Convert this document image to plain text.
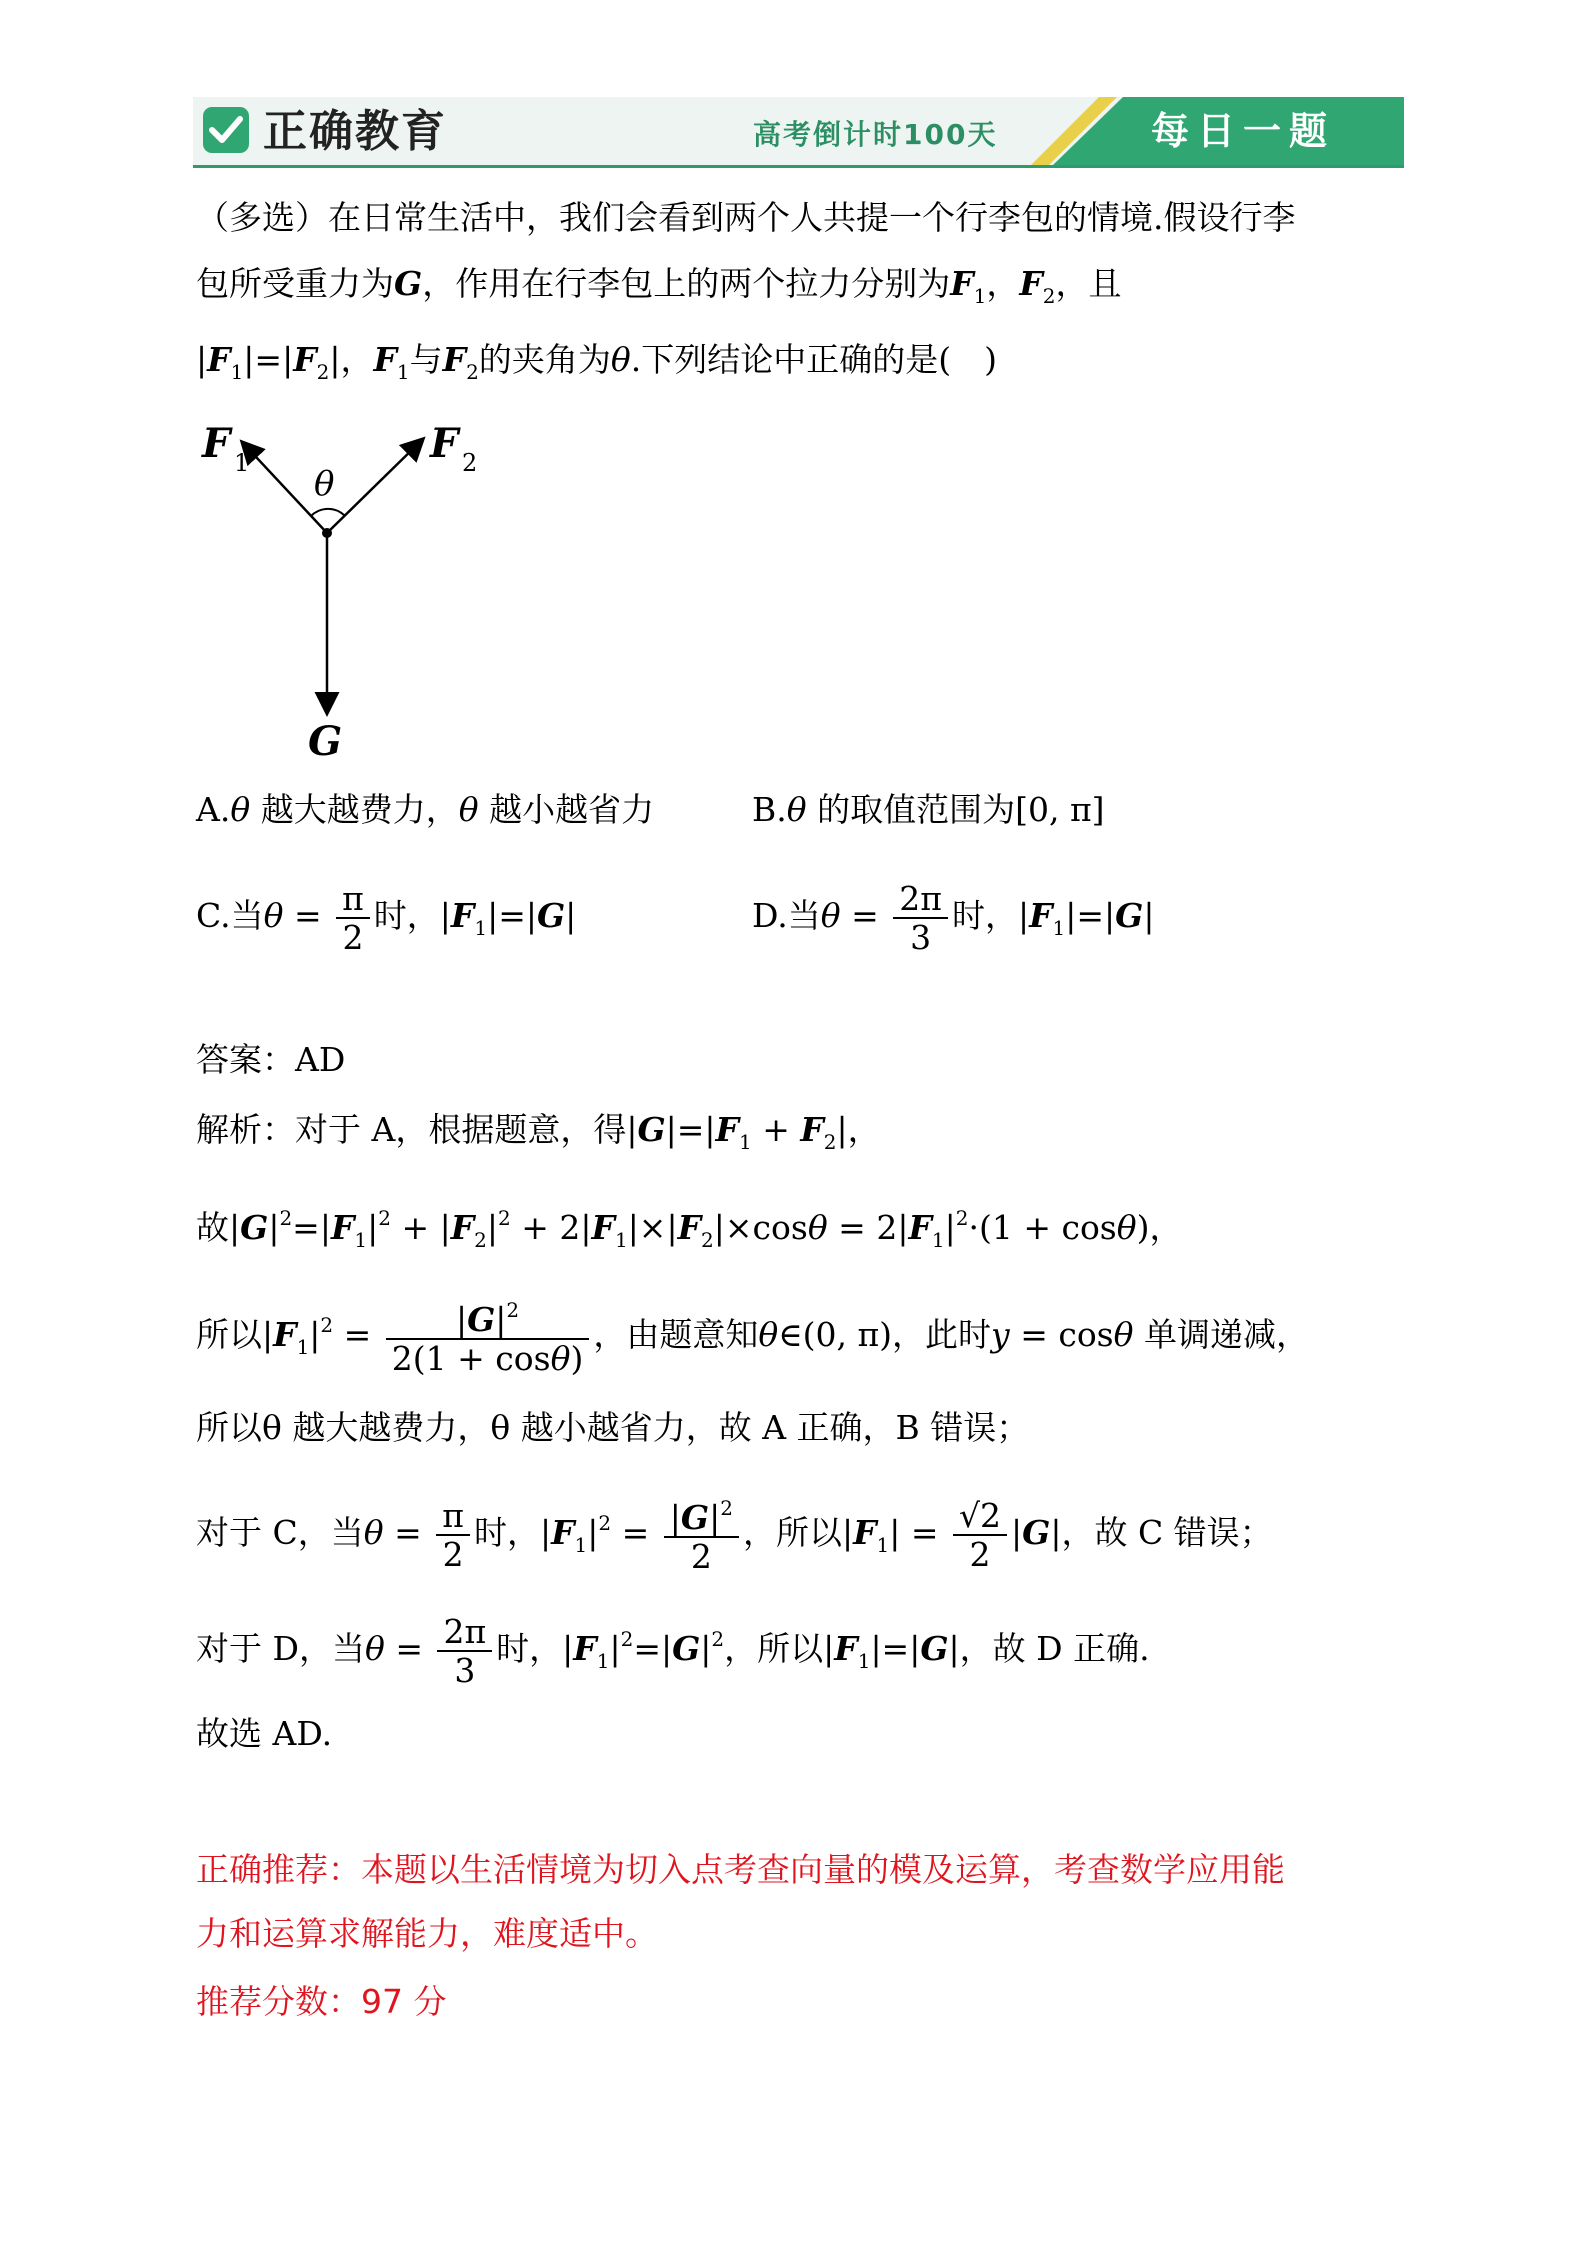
正确教育	高考倒计时100天	每日一题
（多选）在日常生活中，我们会看到两个人共提一个行李包的情境.假设行李
包所受重力为G，作用在行李包上的两个拉力分别为$F_1$，$F_2$，且
$|F_1|=|F_2|$，$F_1$与$F_2$的夹角为θ.下列结论中正确的是(　)
F 1	F 2
θ
G
A.θ 越大越费力，θ 越小越省力	B.θ 的取值范围为[0, π]
C.当$\theta = \frac{\pi}{2}$ 时，$|F_1|=|G|$	D.当$\theta = \frac{2\pi}{3}$ 时，$|F_1|=|G|$
答案：AD
解析：对于 A，根据题意，得$|G|=|F_1 + F_2|$，
故$|G|^2=|F_1|^2 + |F_2|^2 + 2|F_1|\times|F_2|\times\cos\theta = 2|F_1|^2\cdot(1 + \cos\theta)$，
所以$|F_1|^2 = \frac{|G|^2}{2(1 + \cos\theta)}$ ，由题意知θ∈(0, π)，此时y = cosθ 单调递减，
所以θ 越大越费力，θ 越小越省力，故 A 正确，B 错误；
对于 C，当$\theta = \frac{\pi}{2}$ 时，$|F_1|^2 = \frac{|G|^2}{2}$ ，所以$|F_1| = \frac{√2}{2} |G|$，故 C 错误；
对于 D，当$\theta = \frac{2\pi}{3}$ 时，$|F_1|^2=|G|^2$，所以$|F_1|=|G|$，故 D 正确.
故选 AD.
正确推荐：本题以生活情境为切入点考查向量的模及运算，考查数学应用能
力和运算求解能力，难度适中。
推荐分数：97 分
